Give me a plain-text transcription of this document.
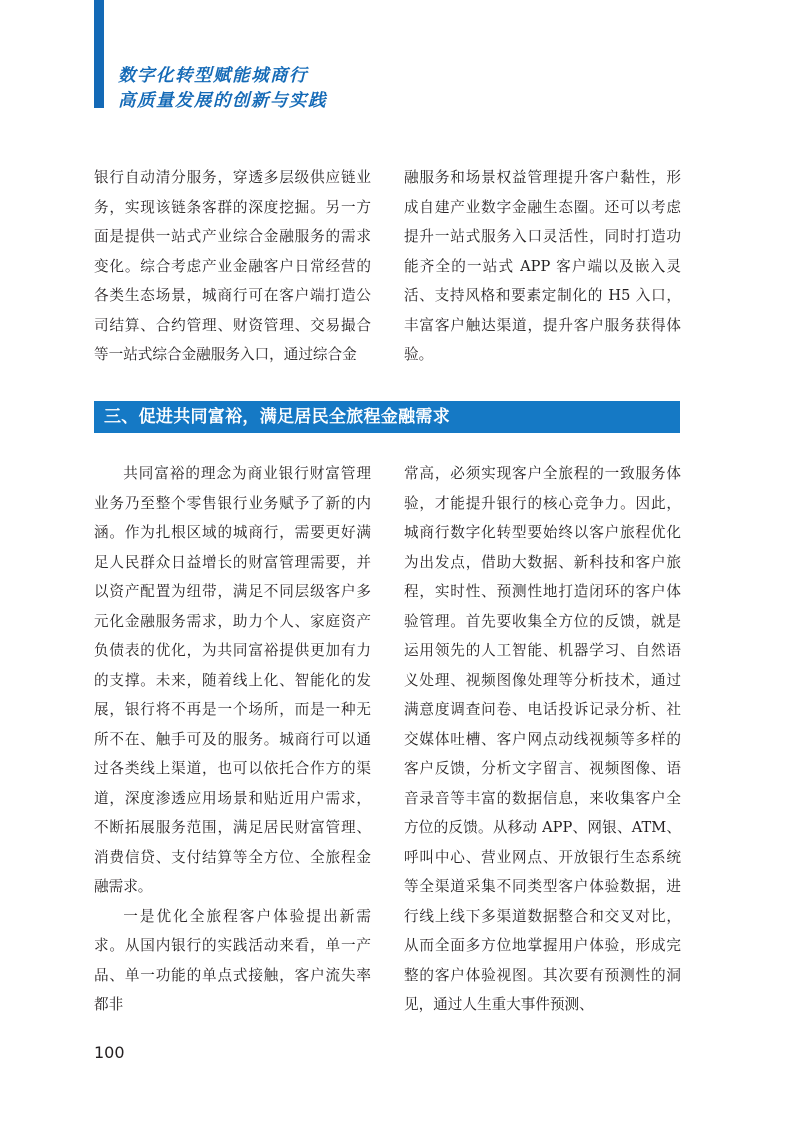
数字化转型赋能城商行
高质量发展的创新与实践

银行自动清分服务，穿透多层级供应链业务，实现该链条客群的深度挖掘。另一方面是提供一站式产业综合金融服务的需求变化。综合考虑产业金融客户日常经营的各类生态场景，城商行可在客户端打造公司结算、合约管理、财资管理、交易撮合等一站式综合金融服务入口，通过综合金

融服务和场景权益管理提升客户黏性，形成自建产业数字金融生态圈。还可以考虑提升一站式服务入口灵活性，同时打造功能齐全的一站式 APP 客户端以及嵌入灵活、支持风格和要素定制化的 H5 入口，丰富客户触达渠道，提升客户服务获得体验。

三、促进共同富裕，满足居民全旅程金融需求

共同富裕的理念为商业银行财富管理业务乃至整个零售银行业务赋予了新的内涵。作为扎根区域的城商行，需要更好满足人民群众日益增长的财富管理需要，并以资产配置为纽带，满足不同层级客户多元化金融服务需求，助力个人、家庭资产负债表的优化，为共同富裕提供更加有力的支撑。未来，随着线上化、智能化的发展，银行将不再是一个场所，而是一种无所不在、触手可及的服务。城商行可以通过各类线上渠道，也可以依托合作方的渠道，深度渗透应用场景和贴近用户需求，不断拓展服务范围，满足居民财富管理、消费信贷、支付结算等全方位、全旅程金融需求。

一是优化全旅程客户体验提出新需求。从国内银行的实践活动来看，单一产品、单一功能的单点式接触，客户流失率都非

常高，必须实现客户全旅程的一致服务体验，才能提升银行的核心竞争力。因此，城商行数字化转型要始终以客户旅程优化为出发点，借助大数据、新科技和客户旅程，实时性、预测性地打造闭环的客户体验管理。首先要收集全方位的反馈，就是运用领先的人工智能、机器学习、自然语义处理、视频图像处理等分析技术，通过满意度调查问卷、电话投诉记录分析、社交媒体吐槽、客户网点动线视频等多样的客户反馈，分析文字留言、视频图像、语音录音等丰富的数据信息，来收集客户全方位的反馈。从移动 APP、网银、ATM、呼叫中心、营业网点、开放银行生态系统等全渠道采集不同类型客户体验数据，进行线上线下多渠道数据整合和交叉对比，从而全面多方位地掌握用户体验，形成完整的客户体验视图。其次要有预测性的洞见，通过人生重大事件预测、

100
